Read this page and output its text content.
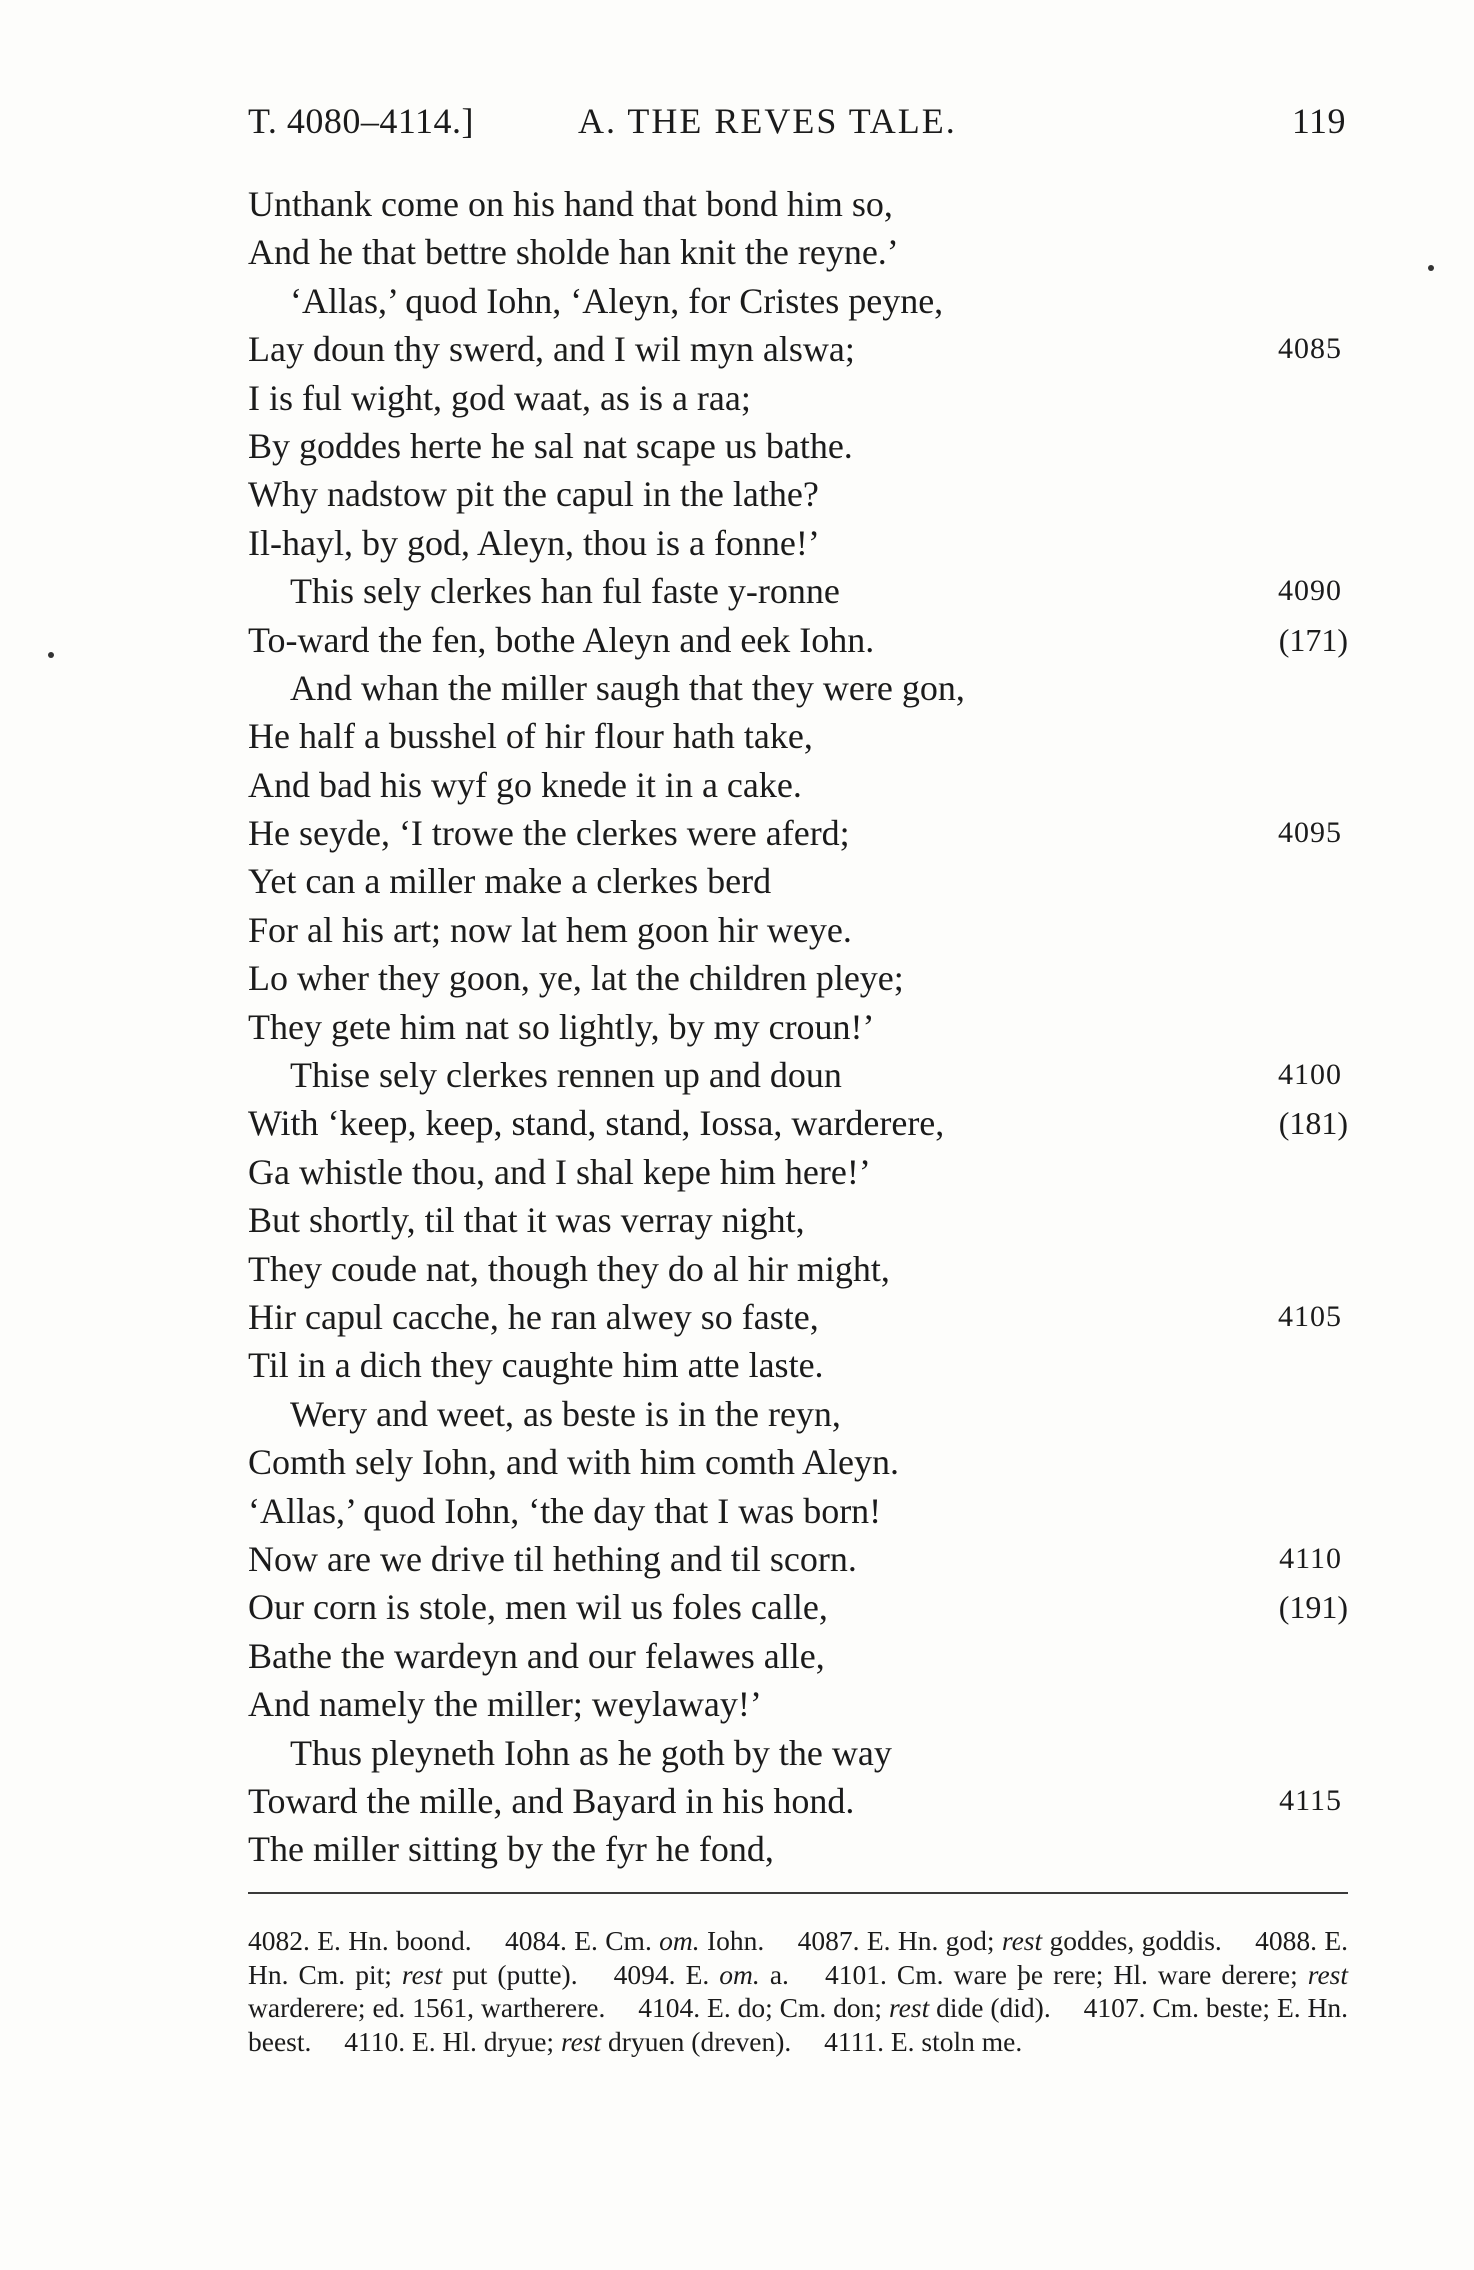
T. 4080–4114.]	A. THE REVES TALE.	119
Unthank come on his hand that bond him so,
And he that bettre sholde han knit the reyne.’
‘Allas,’ quod Iohn, ‘Aleyn, for Cristes peyne,
Lay doun thy swerd, and I wil myn alswa;	4085
I is ful wight, god waat, as is a raa;
By goddes herte he sal nat scape us bathe.
Why nadstow pit the capul in the lathe?
Il-hayl, by god, Aleyn, thou is a fonne!’
This sely clerkes han ful faste y-ronne	4090
To-ward the fen, bothe Aleyn and eek Iohn.	(171)
And whan the miller saugh that they were gon,
He half a busshel of hir flour hath take,
And bad his wyf go knede it in a cake.
He seyde, ‘I trowe the clerkes were aferd;	4095
Yet can a miller make a clerkes berd
For al his art; now lat hem goon hir weye.
Lo wher they goon, ye, lat the children pleye;
They gete him nat so lightly, by my croun!’
Thise sely clerkes rennen up and doun	4100
With ‘keep, keep, stand, stand, Iossa, warderere,	(181)
Ga whistle thou, and I shal kepe him here!’
But shortly, til that it was verray night,
They coude nat, though they do al hir might,
Hir capul cacche, he ran alwey so faste,	4105
Til in a dich they caughte him atte laste.
Wery and weet, as beste is in the reyn,
Comth sely Iohn, and with him comth Aleyn.
‘Allas,’ quod Iohn, ‘the day that I was born!
Now are we drive til hething and til scorn.	4110
Our corn is stole, men wil us foles calle,	(191)
Bathe the wardeyn and our felawes alle,
And namely the miller; weylaway!’
Thus pleyneth Iohn as he goth by the way
Toward the mille, and Bayard in his hond.	4115
The miller sitting by the fyr he fond,
4082. E. Hn. boond. 4084. E. Cm. om. Iohn. 4087. E. Hn. god; rest goddes, goddis. 4088. E. Hn. Cm. pit; rest put (putte). 4094. E. om. a. 4101. Cm. ware þe rere; Hl. ware derere; rest warderere; ed. 1561, wartherere. 4104. E. do; Cm. don; rest dide (did). 4107. Cm. beste; E. Hn. beest. 4110. E. Hl. dryue; rest dryuen (dreven). 4111. E. stoln me.
